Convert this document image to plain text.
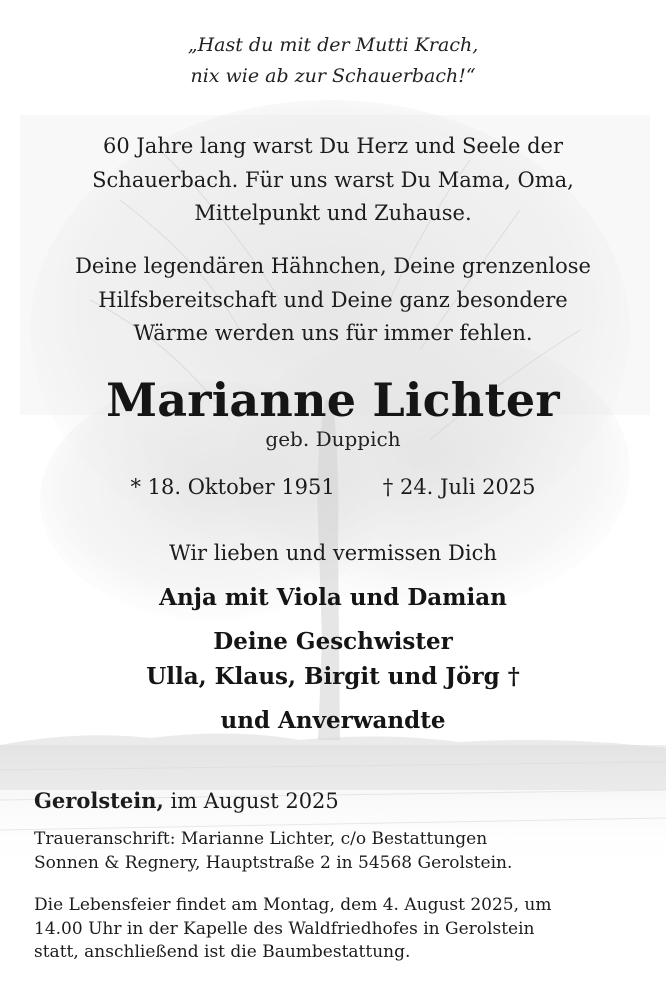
„Hast du mit der Mutti Krach,
nix wie ab zur Schauerbach!“
60 Jahre lang warst Du Herz und Seele der
Schauerbach. Für uns warst Du Mama, Oma,
Mittelpunkt und Zuhause.
Deine legendären Hähnchen, Deine grenzenlose
Hilfsbereitschaft und Deine ganz besondere
Wärme werden uns für immer fehlen.
Marianne Lichter
geb. Duppich
* 18. Oktober 1951 † 24. Juli 2025
Wir lieben und vermissen Dich
Anja mit Viola und Damian
Deine Geschwister
Ulla, Klaus, Birgit und Jörg †
und Anverwandte
Gerolstein, im August 2025
Traueranschrift: Marianne Lichter, c/o Bestattungen
Sonnen & Regnery, Hauptstraße 2 in 54568 Gerolstein.
Die Lebensfeier findet am Montag, dem 4. August 2025, um
14.00 Uhr in der Kapelle des Waldfriedhofes in Gerolstein
statt, anschließend ist die Baumbestattung.
